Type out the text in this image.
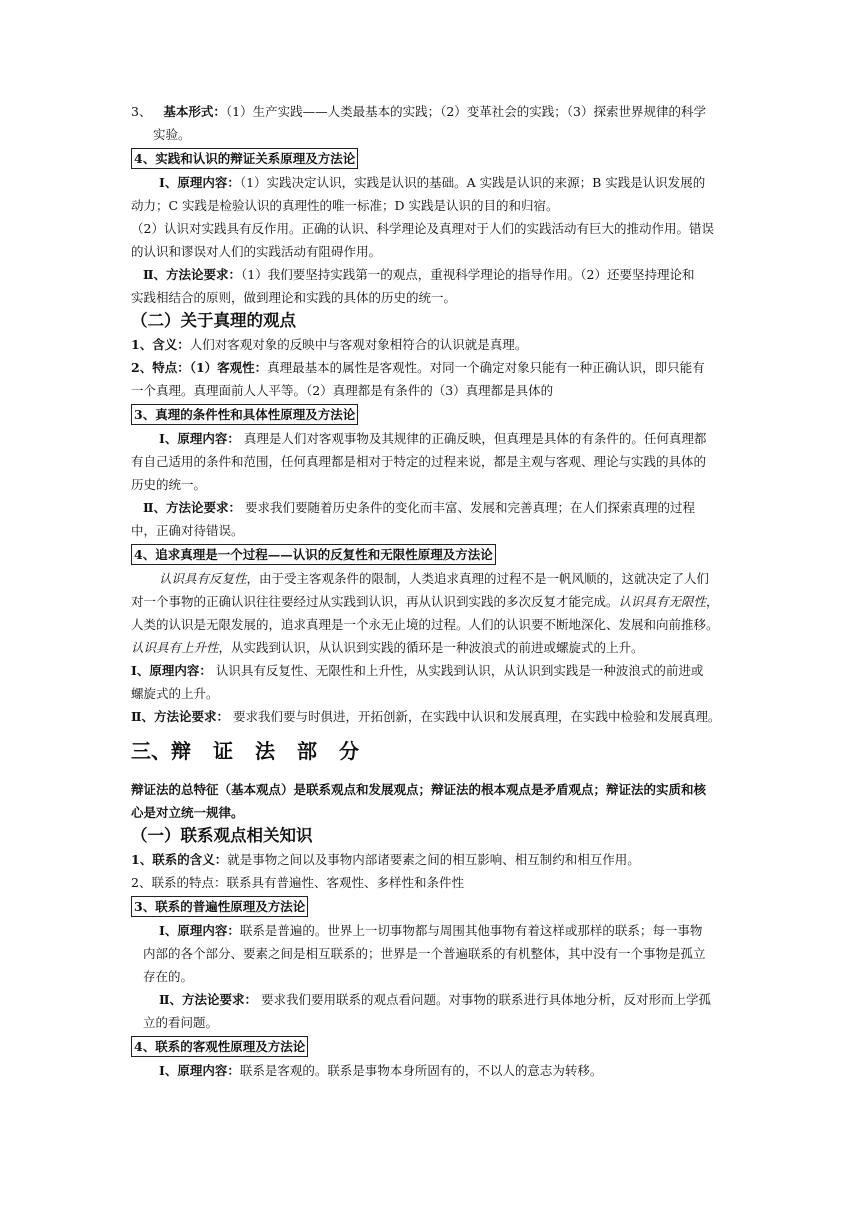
3、 基本形式：（1）生产实践——人类最基本的实践；（2）变革社会的实践；（3）探索世界规律的科学
实验。
4、实践和认识的辩证关系原理及方法论
Ⅰ、原理内容：（1）实践决定认识，实践是认识的基础。A 实践是认识的来源；B 实践是认识发展的
动力；C 实践是检验认识的真理性的唯一标准；D 实践是认识的目的和归宿。
（2）认识对实践具有反作用。正确的认识、科学理论及真理对于人们的实践活动有巨大的推动作用。错误
的认识和谬误对人们的实践活动有阻碍作用。
Ⅱ、方法论要求：（1）我们要坚持实践第一的观点，重视科学理论的指导作用。（2）还要坚持理论和
实践相结合的原则，做到理论和实践的具体的历史的统一。
（二）关于真理的观点
1、含义：人们对客观对象的反映中与客观对象相符合的认识就是真理。
2、特点：（1）客观性：真理最基本的属性是客观性。对同一个确定对象只能有一种正确认识，即只能有
一个真理。真理面前人人平等。（2）真理都是有条件的（3）真理都是具体的
3、真理的条件性和具体性原理及方法论
Ⅰ、原理内容： 真理是人们对客观事物及其规律的正确反映，但真理是具体的有条件的。任何真理都
有自己适用的条件和范围，任何真理都是相对于特定的过程来说，都是主观与客观、理论与实践的具体的
历史的统一。
Ⅱ、方法论要求： 要求我们要随着历史条件的变化而丰富、发展和完善真理；在人们探索真理的过程
中，正确对待错误。
4、追求真理是一个过程——认识的反复性和无限性原理及方法论
认识具有反复性，由于受主客观条件的限制，人类追求真理的过程不是一帆风顺的，这就决定了人们
对一个事物的正确认识往往要经过从实践到认识，再从认识到实践的多次反复才能完成。认识具有无限性，
人类的认识是无限发展的，追求真理是一个永无止境的过程。人们的认识要不断地深化、发展和向前推移。
认识具有上升性，从实践到认识，从认识到实践的循环是一种波浪式的前进或螺旋式的上升。
Ⅰ、原理内容： 认识具有反复性、无限性和上升性，从实践到认识，从认识到实践是一种波浪式的前进或
螺旋式的上升。
Ⅱ、方法论要求： 要求我们要与时俱进，开拓创新，在实践中认识和发展真理，在实践中检验和发展真理。
三、辩 证 法 部 分
辩证法的总特征（基本观点）是联系观点和发展观点；辩证法的根本观点是矛盾观点；辩证法的实质和核
心是对立统一规律。
（一）联系观点相关知识
1、联系的含义：就是事物之间以及事物内部诸要素之间的相互影响、相互制约和相互作用。
2、联系的特点：联系具有普遍性、客观性、多样性和条件性
3、联系的普遍性原理及方法论
Ⅰ、原理内容：联系是普遍的。世界上一切事物都与周围其他事物有着这样或那样的联系；每一事物
内部的各个部分、要素之间是相互联系的；世界是一个普遍联系的有机整体，其中没有一个事物是孤立
存在的。
Ⅱ、方法论要求： 要求我们要用联系的观点看问题。对事物的联系进行具体地分析，反对形而上学孤
立的看问题。
4、联系的客观性原理及方法论
Ⅰ、原理内容：联系是客观的。联系是事物本身所固有的，不以人的意志为转移。
